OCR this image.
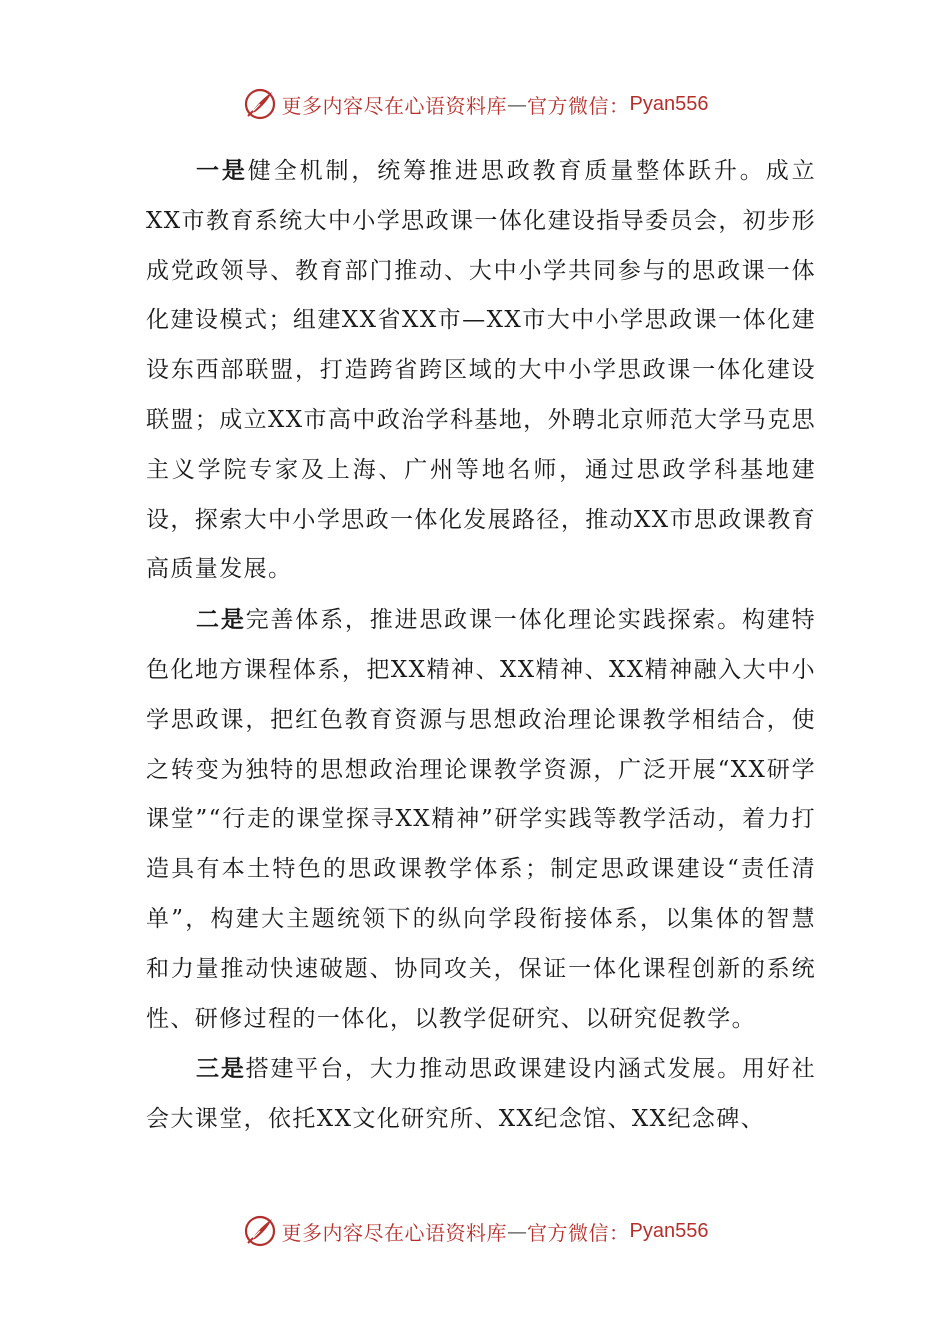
更多内容尽在心语资料库 — 官方微信： Pyan556

一是健全机制，统筹推进思政教育质量整体跃升。成立XX市教育系统大中小学思政课一体化建设指导委员会，初步形成党政领导、教育部门推动、大中小学共同参与的思政课一体化建设模式；组建XX省XX市—XX市大中小学思政课一体化建设东西部联盟，打造跨省跨区域的大中小学思政课一体化建设联盟；成立XX市高中政治学科基地，外聘北京师范大学马克思主义学院专家及上海、广州等地名师，通过思政学科基地建设，探索大中小学思政一体化发展路径，推动XX市思政课教育高质量发展。

二是完善体系，推进思政课一体化理论实践探索。构建特色化地方课程体系，把XX精神、XX精神、XX精神融入大中小学思政课，把红色教育资源与思想政治理论课教学相结合，使之转变为独特的思想政治理论课教学资源，广泛开展“XX研学课堂”“行走的课堂探寻XX精神”研学实践等教学活动，着力打造具有本土特色的思政课教学体系；制定思政课建设“责任清单”，构建大主题统领下的纵向学段衔接体系，以集体的智慧和力量推动快速破题、协同攻关，保证一体化课程创新的系统性、研修过程的一体化，以教学促研究、以研究促教学。

三是搭建平台，大力推动思政课建设内涵式发展。用好社会大课堂，依托XX文化研究所、XX纪念馆、XX纪念碑、

更多内容尽在心语资料库 — 官方微信： Pyan556
